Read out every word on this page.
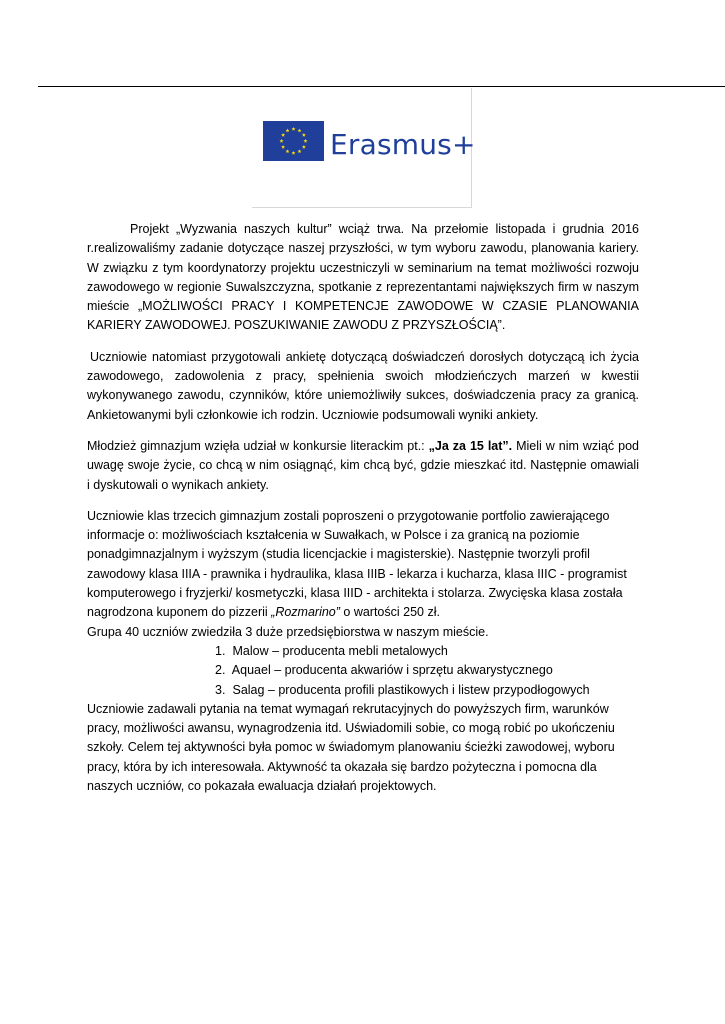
Erasmus+

Projekt „Wyzwania naszych kultur” wciąż trwa. Na przełomie listopada i grudnia 2016 r.realizowaliśmy zadanie dotyczące naszej przyszłości, w tym wyboru zawodu, planowania kariery. W związku z tym koordynatorzy projektu uczestniczyli w seminarium na temat możliwości rozwoju zawodowego w regionie Suwalszczyzna, spotkanie z reprezentantami największych firm w naszym mieście „MOŻLIWOŚCI PRACY I KOMPETENCJE ZAWODOWE W CZASIE PLANOWANIA KARIERY ZAWODOWEJ. POSZUKIWANIE ZAWODU Z PRZYSZŁOŚCIĄ”.

Uczniowie natomiast przygotowali ankietę dotyczącą doświadczeń dorosłych dotyczącą ich życia zawodowego, zadowolenia z pracy, spełnienia swoich młodzieńczych marzeń w kwestii wykonywanego zawodu, czynników, które uniemożliwiły sukces, doświadczenia pracy za granicą. Ankietowanymi byli członkowie ich rodzin. Uczniowie podsumowali wyniki ankiety.

Młodzież gimnazjum wzięła udział w konkursie literackim pt.: „Ja za 15 lat”. Mieli w nim wziąć pod uwagę swoje życie, co chcą w nim osiągnąć, kim chcą być, gdzie mieszkać itd. Następnie omawiali i dyskutowali o wynikach ankiety.

Uczniowie klas trzecich gimnazjum zostali poproszeni o przygotowanie portfolio zawierającego informacje o: możliwościach kształcenia w Suwałkach, w Polsce i za granicą na poziomie ponadgimnazjalnym i wyższym (studia licencjackie i magisterskie). Następnie tworzyli profil zawodowy klasa IIIA - prawnika i hydraulika, klasa IIIB - lekarza i kucharza, klasa IIIC - programist komputerowego i fryzjerki/ kosmetyczki, klasa IIID - architekta i stolarza. Zwycięska klasa została nagrodzona kuponem do pizzerii „Rozmarino” o wartości 250 zł.

Grupa 40 uczniów zwiedziła 3 duże przedsiębiorstwa w naszym mieście.

1. Malow – producenta mebli metalowych
2. Aquael – producenta akwariów i sprzętu akwarystycznego
3. Salag – producenta profili plastikowych i listew przypodłogowych

Uczniowie zadawali pytania na temat wymagań rekrutacyjnych do powyższych firm, warunków pracy, możliwości awansu, wynagrodzenia itd. Uświadomili sobie, co mogą robić po ukończeniu szkoły. Celem tej aktywności była pomoc w świadomym planowaniu ścieżki zawodowej, wyboru pracy, która by ich interesowała. Aktywność ta okazała się bardzo pożyteczna i pomocna dla naszych uczniów, co pokazała ewaluacja działań projektowych.
